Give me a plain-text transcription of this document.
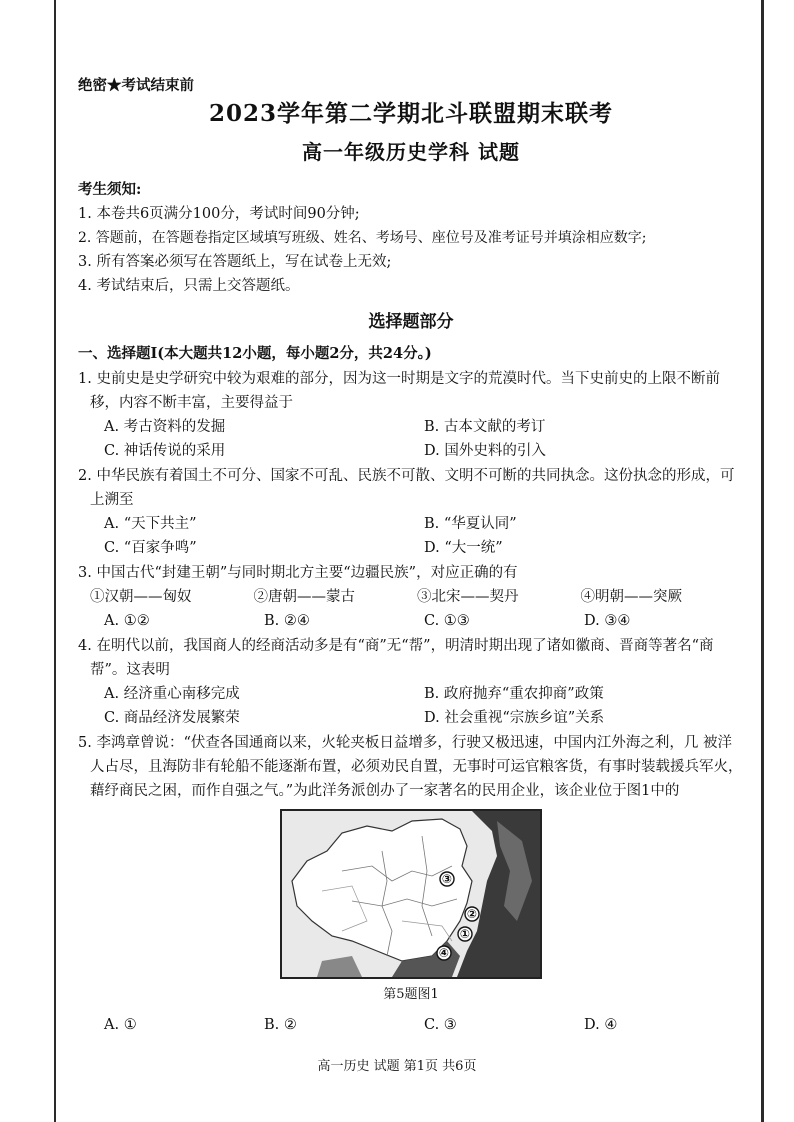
绝密★考试结束前
2023学年第二学期北斗联盟期末联考
高一年级历史学科 试题
考生须知:
1. 本卷共6页满分100分，考试时间90分钟;
2. 答题前，在答题卷指定区域填写班级、姓名、考场号、座位号及准考证号并填涂相应数字;
3. 所有答案必须写在答题纸上，写在试卷上无效;
4. 考试结束后，只需上交答题纸。
选择题部分
一、选择题I(本大题共12小题，每小题2分，共24分。)
1. 史前史是史学研究中较为艰难的部分，因为这一时期是文字的荒漠时代。当下史前史的上限不断前移，内容不断丰富，主要得益于
A. 考古资料的发掘	B. 古本文献的考订
C. 神话传说的采用	D. 国外史料的引入
2. 中华民族有着国土不可分、国家不可乱、民族不可散、文明不可断的共同执念。这份执念的形成，可上溯至
A. “天下共主”	B. “华夏认同”
C. “百家争鸣”	D. “大一统”
3. 中国古代“封建王朝”与同时期北方主要“边疆民族”，对应正确的有
①汉朝——匈奴	②唐朝——蒙古	③北宋——契丹	④明朝——突厥
A. ①②	B. ②④	C. ①③	D. ③④
4. 在明代以前，我国商人的经商活动多是有“商”无“帮”，明清时期出现了诸如徽商、晋商等著名“商帮”。这表明
A. 经济重心南移完成	B. 政府抛弃“重农抑商”政策
C. 商品经济发展繁荣	D. 社会重视“宗族乡谊”关系
5. 李鸿章曾说：“伏查各国通商以来，火轮夹板日益增多，行驶又极迅速，中国内江外海之利，几 被洋人占尽，且海防非有轮船不能逐渐布置，必须劝民自置，无事时可运官粮客货，有事时装载援兵军火，藉纾商民之困，而作自强之气。”为此洋务派创办了一家著名的民用企业，该企业位于图1中的
③
②
①
④
第5题图1
A. ①	B. ②	C. ③	D. ④
高一历史 试题 第1页 共6页
